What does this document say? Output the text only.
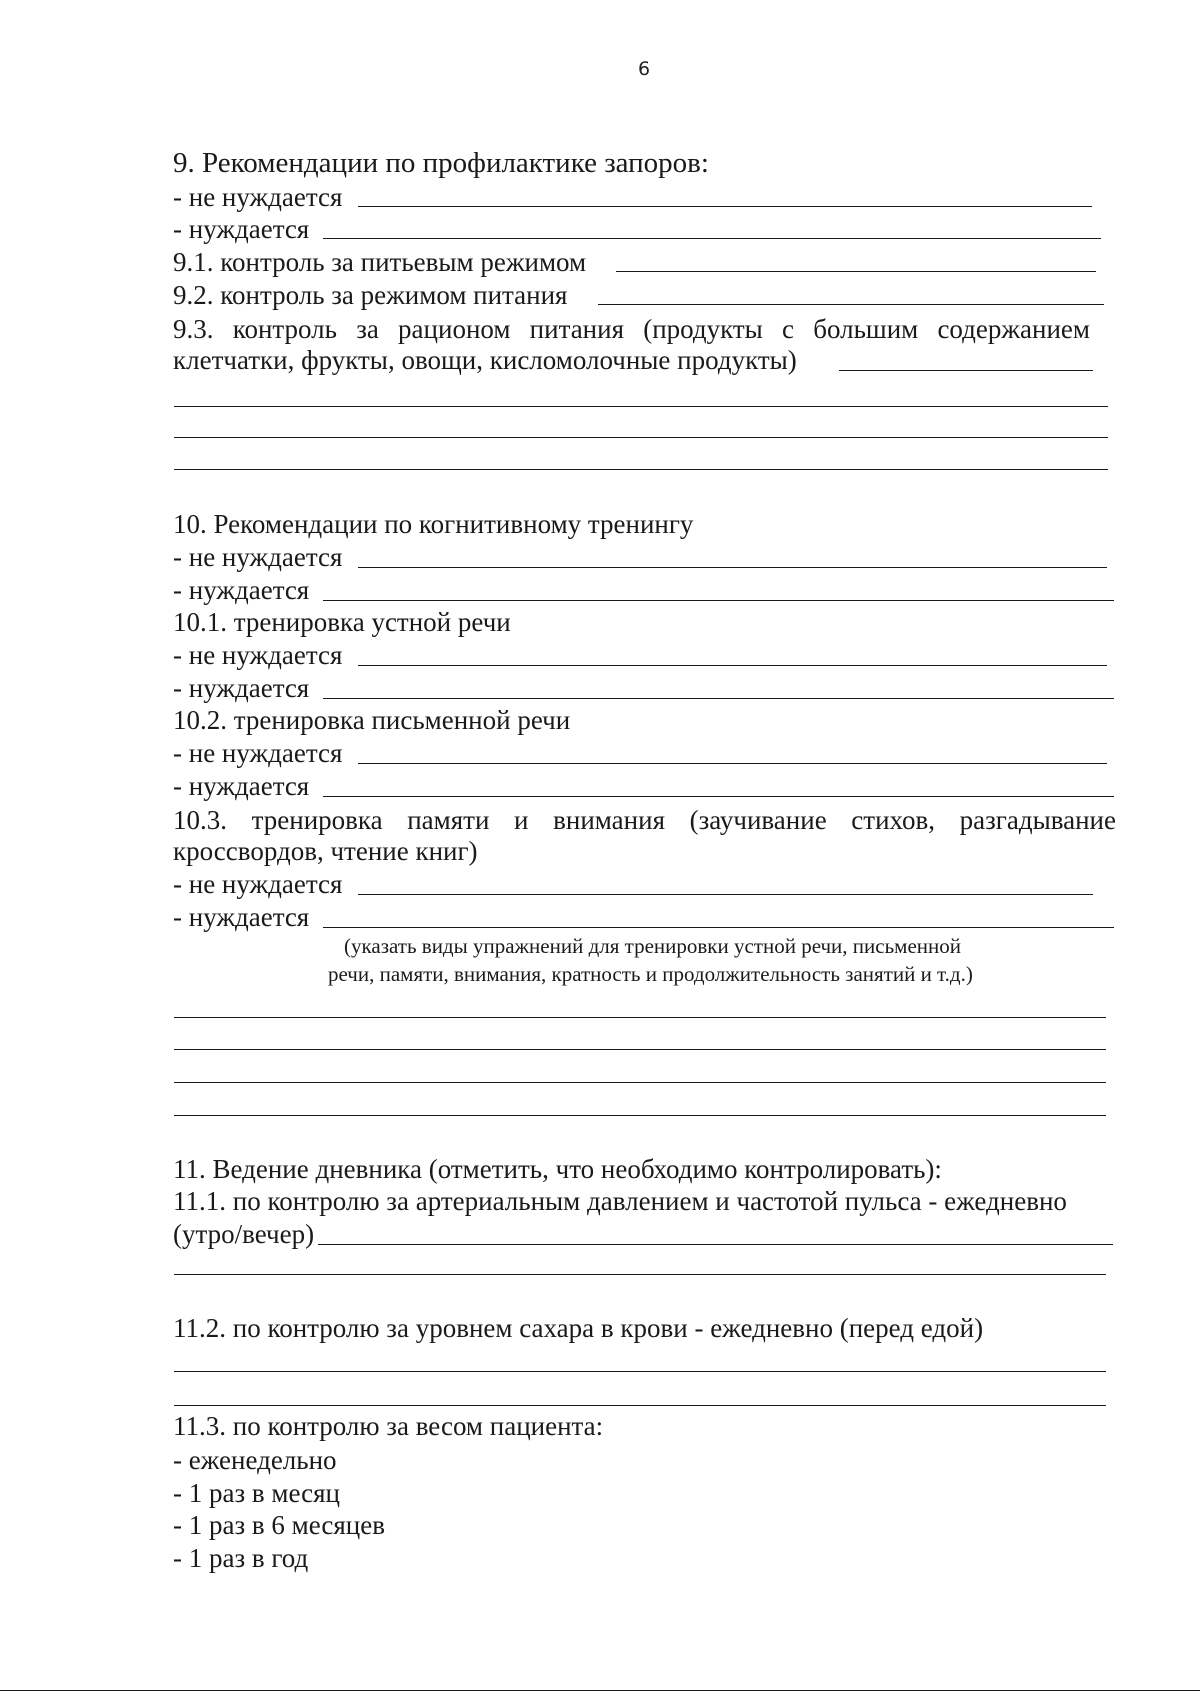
6
9. Рекомендации по профилактике запоров:
- не нуждается
- нуждается
9.1. контроль за питьевым режимом
9.2. контроль за режимом питания
9.3. контроль за рационом питания (продукты с большим содержанием
клетчатки, фрукты, овощи, кисломолочные продукты)
10. Рекомендации по когнитивному тренингу
- не нуждается
- нуждается
10.1. тренировка устной речи
- не нуждается
- нуждается
10.2. тренировка письменной речи
- не нуждается
- нуждается
10.3. тренировка памяти и внимания (заучивание стихов, разгадывание
кроссвордов, чтение книг)
- не нуждается
- нуждается
(указать виды упражнений для тренировки устной речи, письменной
речи, памяти, внимания, кратность и продолжительность занятий и т.д.)
11. Ведение дневника (отметить, что необходимо контролировать):
11.1. по контролю за артериальным давлением и частотой пульса - ежедневно
(утро/вечер)
11.2. по контролю за уровнем сахара в крови - ежедневно (перед едой)
11.3. по контролю за весом пациента:
- еженедельно
- 1 раз в месяц
- 1 раз в 6 месяцев
- 1 раз в год
